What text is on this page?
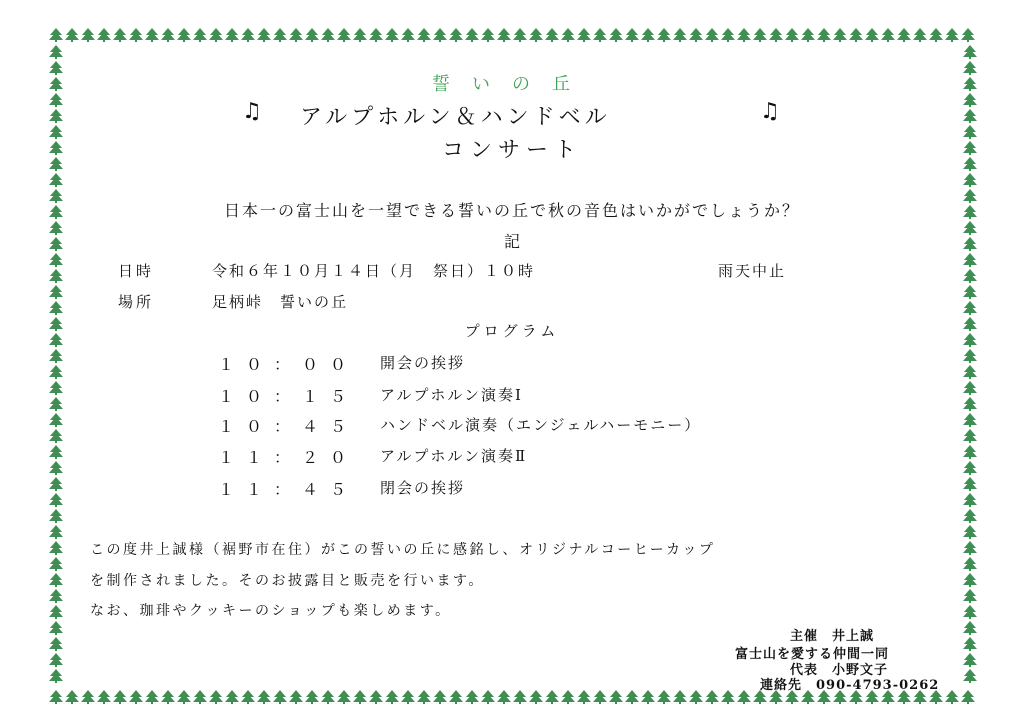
誓いの丘
♫ アルプホルン＆ハンドベル	♫
コンサート
日本一の富士山を一望できる誓いの丘で秋の音色はいかがでしょうか？
記
日時	令和６年１０月１４日（月　祭日）１０時	雨天中止
場所	足柄峠　誓いの丘
プログラム
１０：００ 開会の挨拶
１０：１５ アルプホルン演奏Ⅰ
１０：４５ ハンドベル演奏（エンジェルハーモニー）
１１：２０ アルプホルン演奏Ⅱ
１１：４５ 閉会の挨拶
この度井上誠様（裾野市在住）がこの誓いの丘に感銘し、オリジナルコーヒーカップ
を制作されました。そのお披露目と販売を行います。
なお、珈琲やクッキーのショップも楽しめます。
主催　井上誠
富士山を愛する仲間一同
代表　小野文子
連絡先　090-4793-0262
